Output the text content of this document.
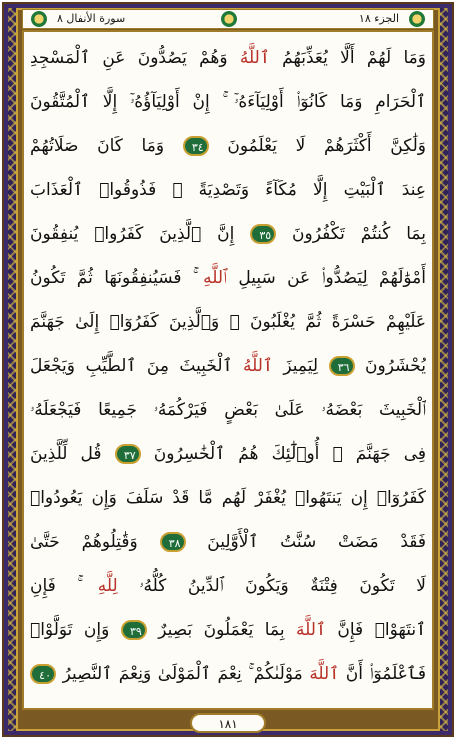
الجزء ١٨
سورة الأنفال ٨
وَمَا لَهُمْ أَلَّا يُعَذِّبَهُمُ ٱللَّهُ وَهُمْ يَصُدُّونَ عَنِ ٱلْمَسْجِدِ
ٱلْحَرَامِ وَمَا كَانُوٓا۟ أَوْلِيَآءَهُۥٓ ۚ إِنْ أَوْلِيَآؤُهُۥٓ إِلَّا ٱلْمُتَّقُونَ
وَلَٰكِنَّ أَكْثَرَهُمْ لَا يَعْلَمُونَ ٣٤ وَمَا كَانَ صَلَاتُهُمْ
عِندَ ٱلْبَيْتِ إِلَّا مُكَآءً وَتَصْدِيَةً ۚ فَذُوقُوا۟ ٱلْعَذَابَ
بِمَا كُنتُمْ تَكْفُرُونَ ٣٥ إِنَّ ٱلَّذِينَ كَفَرُوا۟ يُنفِقُونَ
أَمْوَٰلَهُمْ لِيَصُدُّوا۟ عَن سَبِيلِ ٱللَّهِ ۚ فَسَيُنفِقُونَهَا ثُمَّ تَكُونُ
عَلَيْهِمْ حَسْرَةً ثُمَّ يُغْلَبُونَ ۗ وَٱلَّذِينَ كَفَرُوٓا۟ إِلَىٰ جَهَنَّمَ
يُحْشَرُونَ ٣٦ لِيَمِيزَ ٱللَّهُ ٱلْخَبِيثَ مِنَ ٱلطَّيِّبِ وَيَجْعَلَ
ٱلْخَبِيثَ بَعْضَهُۥ عَلَىٰ بَعْضٍ فَيَرْكُمَهُۥ جَمِيعًا فَيَجْعَلَهُۥ
فِى جَهَنَّمَ ۚ أُو۟لَٰٓئِكَ هُمُ ٱلْخَٰسِرُونَ ٣٧ قُل لِّلَّذِينَ
كَفَرُوٓا۟ إِن يَنتَهُوا۟ يُغْفَرْ لَهُم مَّا قَدْ سَلَفَ وَإِن يَعُودُوا۟
فَقَدْ مَضَتْ سُنَّتُ ٱلْأَوَّلِينَ ٣٨ وَقَٰتِلُوهُمْ حَتَّىٰ
لَا تَكُونَ فِتْنَةٌ وَيَكُونَ ٱلدِّينُ كُلُّهُۥ لِلَّهِ ۚ فَإِنِ
ٱنتَهَوْا۟ فَإِنَّ ٱللَّهَ بِمَا يَعْمَلُونَ بَصِيرٌ ٣٩ وَإِن تَوَلَّوْا۟
فَٱعْلَمُوٓا۟ أَنَّ ٱللَّهَ مَوْلَىٰكُمْ ۚ نِعْمَ ٱلْمَوْلَىٰ وَنِعْمَ ٱلنَّصِيرُ ٤٠
١٨١
